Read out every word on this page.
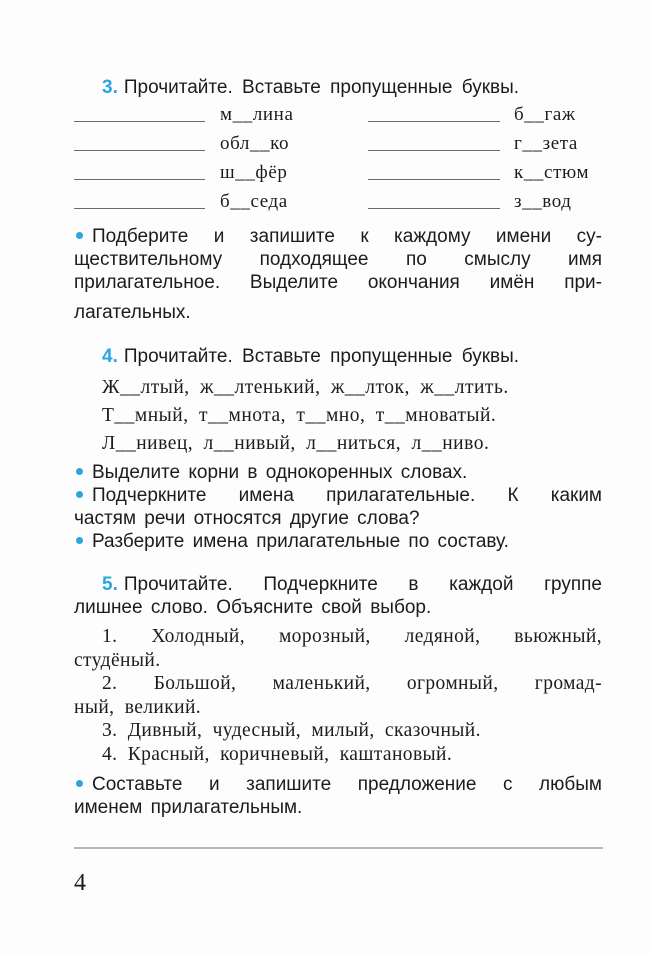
3. Прочитайте. Вставьте пропущенные буквы.
м__лина	б__гаж
обл__ко	г__зета
ш__фёр	к__стюм
б__седа	з__вод
Подберите и запишите к каждому имени су-
ществительному подходящее по смыслу имя
прилагательное. Выделите окончания имён при-
лагательных.
4. Прочитайте. Вставьте пропущенные буквы.
Ж__лтый, ж__лтенький, ж__лток, ж__лтить.
Т__мный, т__мнота, т__мно, т__мноватый.
Л__нивец, л__нивый, л__ниться, л__ниво.
Выделите корни в однокоренных словах.
Подчеркните имена прилагательные. К каким
частям речи относятся другие слова?
Разберите имена прилагательные по составу.
5. Прочитайте. Подчеркните в каждой группе
лишнее слово. Объясните свой выбор.
1. Холодный, морозный, ледяной, вьюжный,
студёный.
2. Большой, маленький, огромный, громад-
ный, великий.
3. Дивный, чудесный, милый, сказочный.
4. Красный, коричневый, каштановый.
Составьте и запишите предложение с любым
именем прилагательным.
4
